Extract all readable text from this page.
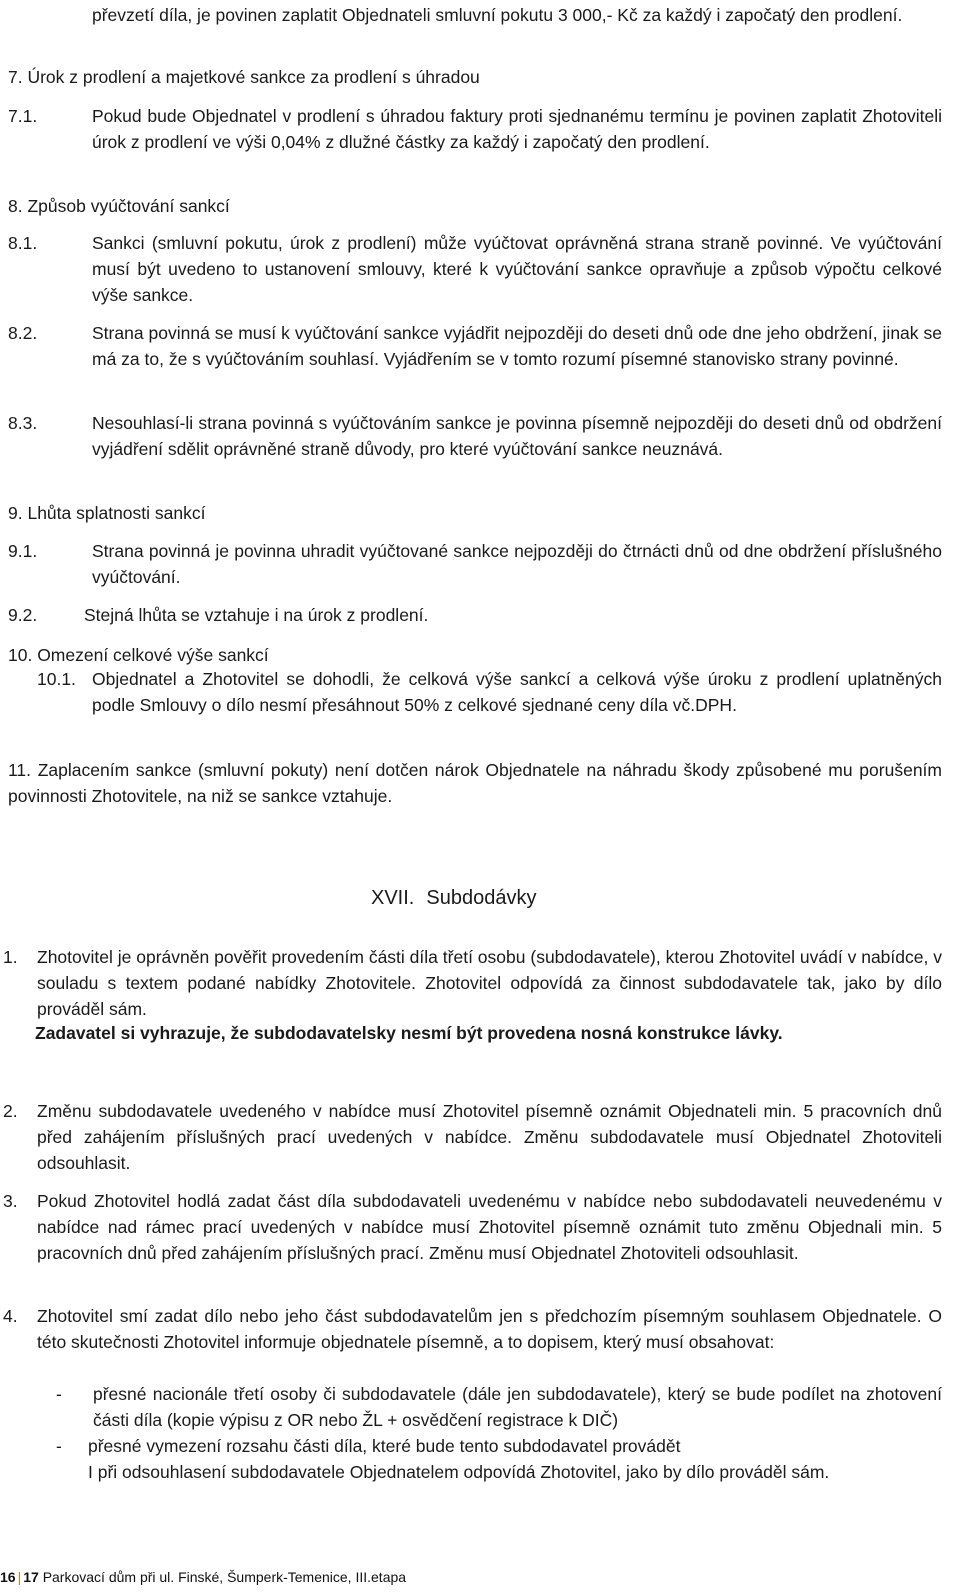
převzetí díla, je povinen zaplatit Objednateli smluvní pokutu 3 000,- Kč za každý i započatý den prodlení.

7. Úrok z prodlení a majetkové sankce za prodlení s úhradou

7.1.	Pokud bude Objednatel v prodlení s úhradou faktury proti sjednanému termínu je povinen zaplatit Zhotoviteli úrok z prodlení ve výši 0,04% z dlužné částky za každý i započatý den prodlení.

8. Způsob vyúčtování sankcí

8.1.	Sankci (smluvní pokutu, úrok z prodlení) může vyúčtovat oprávněná strana straně povinné. Ve vyúčtování musí být uvedeno to ustanovení smlouvy, které k vyúčtování sankce opravňuje a způsob výpočtu celkové výše sankce.
8.2.	Strana povinná se musí k vyúčtování sankce vyjádřit nejpozději do deseti dnů ode dne jeho obdržení, jinak se má za to, že s vyúčtováním souhlasí. Vyjádřením se v tomto rozumí písemné stanovisko strany povinné.
8.3.	Nesouhlasí-li strana povinná s vyúčtováním sankce je povinna písemně nejpozději do deseti dnů od obdržení vyjádření sdělit oprávněné straně důvody, pro které vyúčtování sankce neuznává.

9. Lhůta splatnosti sankcí

9.1.	Strana povinná je povinna uhradit vyúčtované sankce nejpozději do čtrnácti dnů od dne obdržení příslušného vyúčtování.
9.2.	Stejná lhůta se vztahuje i na úrok z prodlení.

10. Omezení celkové výše sankcí

10.1. Objednatel a Zhotovitel se dohodli, že celková výše sankcí a celková výše úroku z prodlení uplatněných podle Smlouvy o dílo nesmí přesáhnout 50% z celkové sjednané ceny díla vč.DPH.
11. Zaplacením sankce (smluvní pokuty) není dotčen nárok Objednatele na náhradu škody způsobené mu porušením povinnosti Zhotovitele, na niž se sankce vztahuje.
XVII. Subdodávky
1. Zhotovitel je oprávněn pověřit provedením části díla třetí osobu (subdodavatele), kterou Zhotovitel uvádí v nabídce, v souladu s textem podané nabídky Zhotovitele. Zhotovitel odpovídá za činnost subdodavatele tak, jako by dílo prováděl sám.

Zadavatel si vyhrazuje, že subdodavatelsky nesmí být provedena nosná konstrukce lávky.

2. Změnu subdodavatele uvedeného v nabídce musí Zhotovitel písemně oznámit Objednateli min. 5 pracovních dnů před zahájením příslušných prací uvedených v nabídce. Změnu subdodavatele musí Objednatel Zhotoviteli odsouhlasit.
3. Pokud Zhotovitel hodlá zadat část díla subdodavateli uvedenému v nabídce nebo subdodavateli neuvedenému v nabídce nad rámec prací uvedených v nabídce musí Zhotovitel písemně oznámit tuto změnu Objednali min. 5 pracovních dnů před zahájením příslušných prací. Změnu musí Objednatel Zhotoviteli odsouhlasit.
4. Zhotovitel smí zadat dílo nebo jeho část subdodavatelům jen s předchozím písemným souhlasem Objednatele. O této skutečnosti Zhotovitel informuje objednatele písemně, a to dopisem, který musí obsahovat:
- přesné nacionále třetí osoby či subdodavatele (dále jen subdodavatele), který se bude podílet na zhotovení části díla (kopie výpisu z OR nebo ŽL + osvědčení registrace k DIČ)
- přesné vymezení rozsahu části díla, které bude tento subdodavatel provádět
I při odsouhlasení subdodavatele Objednatelem odpovídá Zhotovitel, jako by dílo prováděl sám.
16 | 17 Parkovací dům při ul. Finské, Šumperk-Temenice, III.etapa
